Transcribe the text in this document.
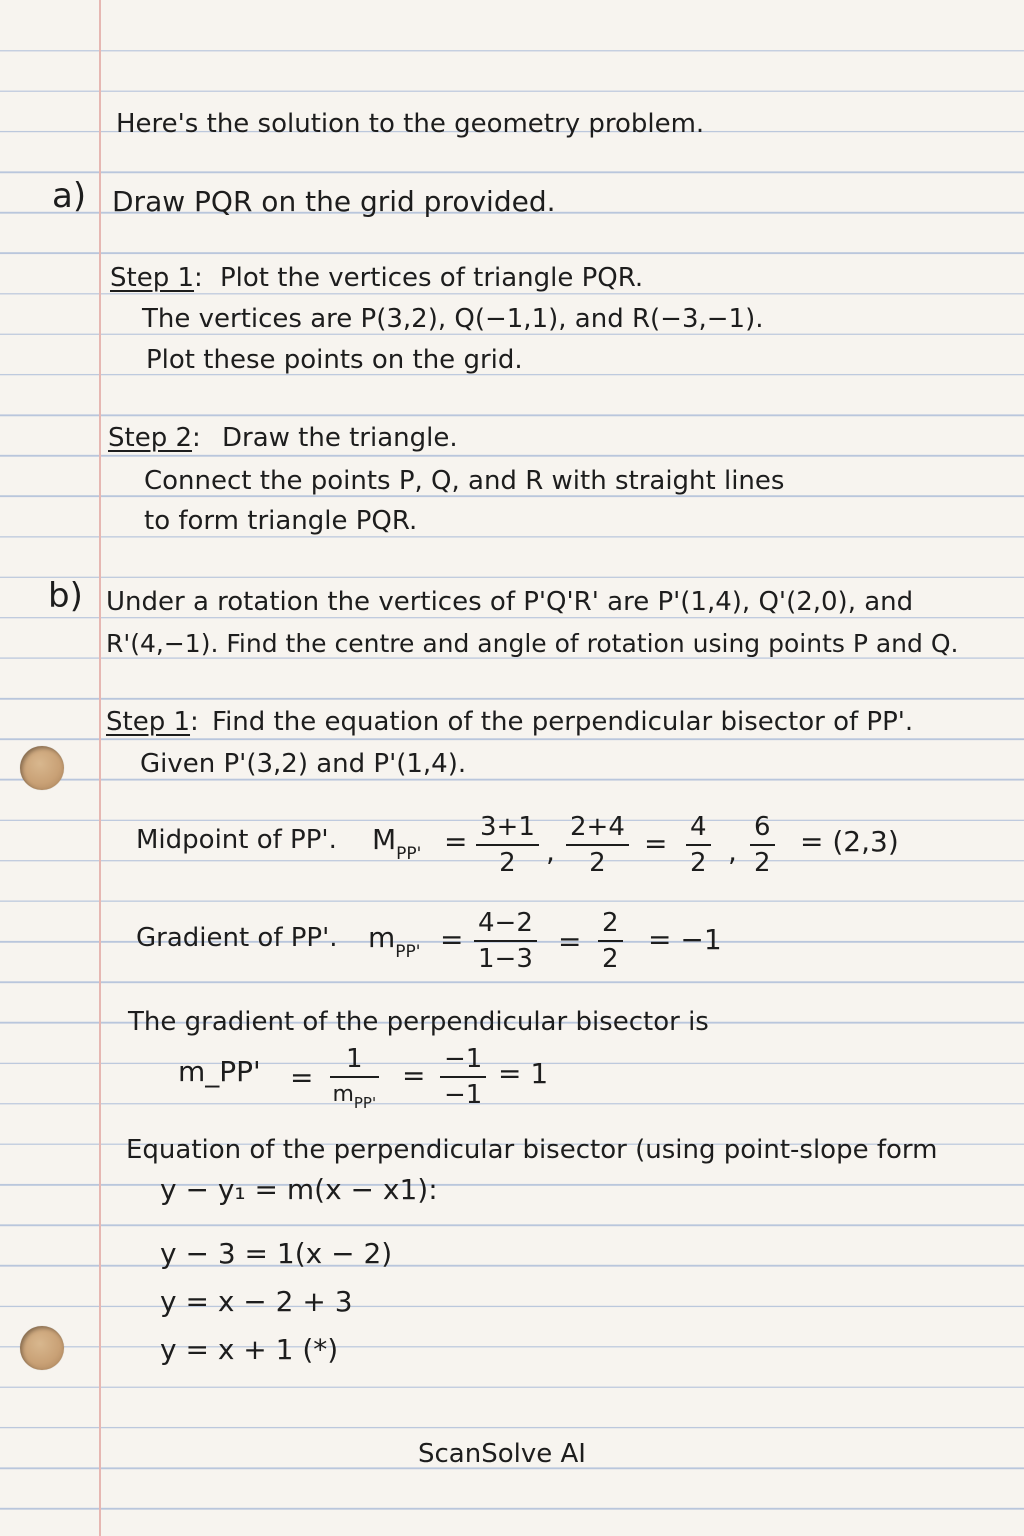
Here's the solution to the geometry problem.
a) Draw PQR on the grid provided.
Step 1: Plot the vertices of triangle PQR.
The vertices are P(3,2), Q(−1,1), and R(−3,−1).
Plot these points on the grid.
Step 2: Draw the triangle.
Connect the points P, Q, and R with straight lines
to form triangle PQR.
b) Under a rotation the vertices of P'Q'R' are P'(1,4), Q'(2,0), and
R'(4,−1). Find the centre and angle of rotation using points P and Q.
Step 1: Find the equation of the perpendicular bisector of PP'.
Given P'(3,2) and P'(1,4).
Midpoint of PP'. $M_{PP'} = \frac{3+1}{2}$ , $\frac{2+4}{2} = \frac{4}{2}$ , $\frac{6}{2} = (2,3)$
Gradient of PP'. $m_{PP'} = \frac{4-2}{1-3} = \frac{2}{2} = -1$
The gradient of the perpendicular bisector is
m_PP' =
1
$m_{PP'}$
= $\frac{-1}{-1} = 1$
Equation of the perpendicular bisector (using point-slope form
y − y₁ = m(x − x1):
y − 3 = 1(x − 2)
y = x − 2 + 3
y = x + 1 (*)
ScanSolve AI
